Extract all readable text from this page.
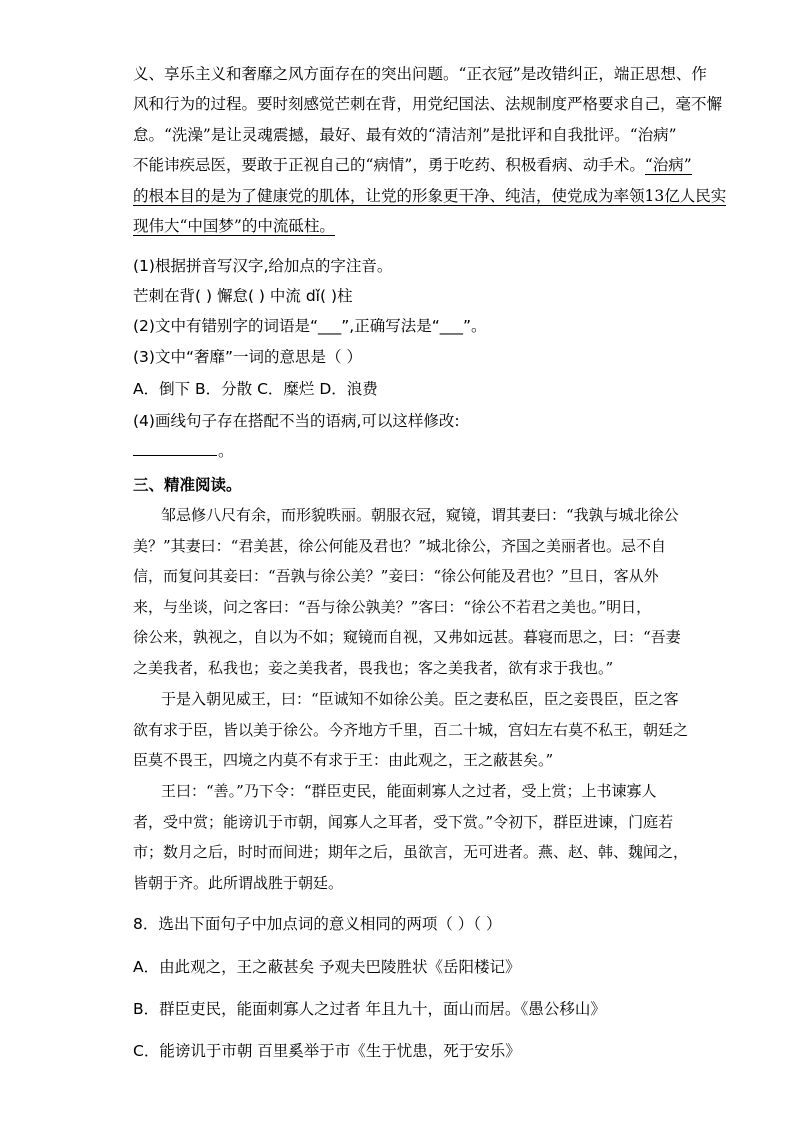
义、享乐主义和奢靡之风方面存在的突出问题。“正衣冠”是改错纠正，端正思想、作
风和行为的过程。要时刻感觉芒刺在背，用党纪国法、法规制度严格要求自己，毫不懈
怠。“洗澡”是让灵魂震撼，最好、最有效的“清洁剂”是批评和自我批评。“治病”
不能讳疾忌医，要敢于正视自己的“病情”，勇于吃药、积极看病、动手术。“治病”
的根本目的是为了健康党的肌体，让党的形象更干净、纯洁，使党成为率领13亿人民实
现伟大“中国梦”的中流砥柱。
(1)根据拼音写汉字,给加点的字注音。
芒刺在背( ) 懈怠( ) 中流 dǐ( )柱
(2)文中有错别字的词语是“___”,正确写法是“___”。
(3)文中“奢靡”一词的意思是（ ）
A．倒下 B．分散 C．糜烂 D．浪费
(4)画线句子存在搭配不当的语病,可以这样修改:
。
三、精准阅读。
邹忌修八尺有余，而形貌昳丽。朝服衣冠，窥镜，谓其妻曰：“我孰与城北徐公
美？”其妻曰：“君美甚，徐公何能及君也？”城北徐公，齐国之美丽者也。忌不自
信，而复问其妾曰：“吾孰与徐公美？”妾曰：“徐公何能及君也？”旦日，客从外
来，与坐谈，问之客曰：“吾与徐公孰美？”客曰：“徐公不若君之美也。”明日，
徐公来，孰视之，自以为不如；窥镜而自视，又弗如远甚。暮寝而思之，曰：“吾妻
之美我者，私我也；妾之美我者，畏我也；客之美我者，欲有求于我也。”
于是入朝见威王，曰：“臣诚知不如徐公美。臣之妻私臣，臣之妾畏臣，臣之客
欲有求于臣，皆以美于徐公。今齐地方千里，百二十城，宫妇左右莫不私王，朝廷之
臣莫不畏王，四境之内莫不有求于王：由此观之，王之蔽甚矣。”
王曰：“善。”乃下令：“群臣吏民，能面刺寡人之过者，受上赏；上书谏寡人
者，受中赏；能谤讥于市朝，闻寡人之耳者，受下赏。”令初下，群臣进谏，门庭若
市；数月之后，时时而间进；期年之后，虽欲言，无可进者。燕、赵、韩、魏闻之，
皆朝于齐。此所谓战胜于朝廷。
8．选出下面句子中加点词的意义相同的两项（ ）（ ）
A．由此观之，王之蔽甚矣 予观夫巴陵胜状《岳阳楼记》
B．群臣吏民，能面刺寡人之过者 年且九十，面山而居。《愚公移山》
C．能谤讥于市朝 百里奚举于市《生于忧患，死于安乐》
